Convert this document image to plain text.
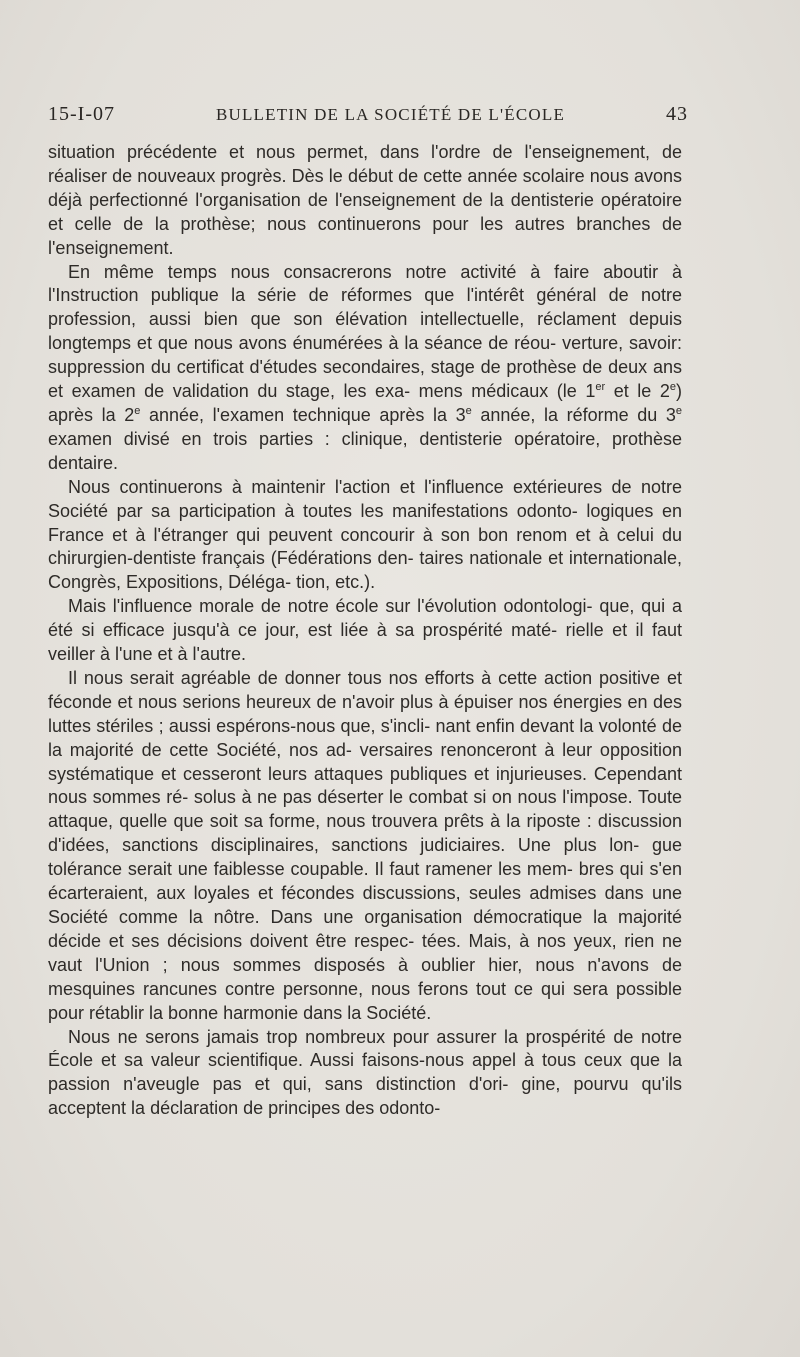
15-I-07	BULLETIN DE LA SOCIÉTÉ DE L'ÉCOLE	43

situation précédente et nous permet, dans l'ordre de l'enseignement, de réaliser de nouveaux progrès. Dès le début de cette année scolaire nous avons déjà perfectionné l'organisation de l'enseignement de la dentisterie opératoire et celle de la prothèse; nous continuerons pour les autres branches de l'enseignement.

En même temps nous consacrerons notre activité à faire aboutir à l'Instruction publique la série de réformes que l'intérêt général de notre profession, aussi bien que son élévation intellectuelle, réclament depuis longtemps et que nous avons énumérées à la séance de réou- verture, savoir: suppression du certificat d'études secondaires, stage de prothèse de deux ans et examen de validation du stage, les exa- mens médicaux (le 1er et le 2e) après la 2e année, l'examen technique après la 3e année, la réforme du 3e examen divisé en trois parties : clinique, dentisterie opératoire, prothèse dentaire.

Nous continuerons à maintenir l'action et l'influence extérieures de notre Société par sa participation à toutes les manifestations odonto- logiques en France et à l'étranger qui peuvent concourir à son bon renom et à celui du chirurgien-dentiste français (Fédérations den- taires nationale et internationale, Congrès, Expositions, Déléga- tion, etc.).

Mais l'influence morale de notre école sur l'évolution odontologi- que, qui a été si efficace jusqu'à ce jour, est liée à sa prospérité maté- rielle et il faut veiller à l'une et à l'autre.

Il nous serait agréable de donner tous nos efforts à cette action positive et féconde et nous serions heureux de n'avoir plus à épuiser nos énergies en des luttes stériles ; aussi espérons-nous que, s'incli- nant enfin devant la volonté de la majorité de cette Société, nos ad- versaires renonceront à leur opposition systématique et cesseront leurs attaques publiques et injurieuses. Cependant nous sommes ré- solus à ne pas déserter le combat si on nous l'impose. Toute attaque, quelle que soit sa forme, nous trouvera prêts à la riposte : discussion d'idées, sanctions disciplinaires, sanctions judiciaires. Une plus lon- gue tolérance serait une faiblesse coupable. Il faut ramener les mem- bres qui s'en écarteraient, aux loyales et fécondes discussions, seules admises dans une Société comme la nôtre. Dans une organisation démocratique la majorité décide et ses décisions doivent être respec- tées. Mais, à nos yeux, rien ne vaut l'Union ; nous sommes disposés à oublier hier, nous n'avons de mesquines rancunes contre personne, nous ferons tout ce qui sera possible pour rétablir la bonne harmonie dans la Société.

Nous ne serons jamais trop nombreux pour assurer la prospérité de notre École et sa valeur scientifique. Aussi faisons-nous appel à tous ceux que la passion n'aveugle pas et qui, sans distinction d'ori- gine, pourvu qu'ils acceptent la déclaration de principes des odonto-
